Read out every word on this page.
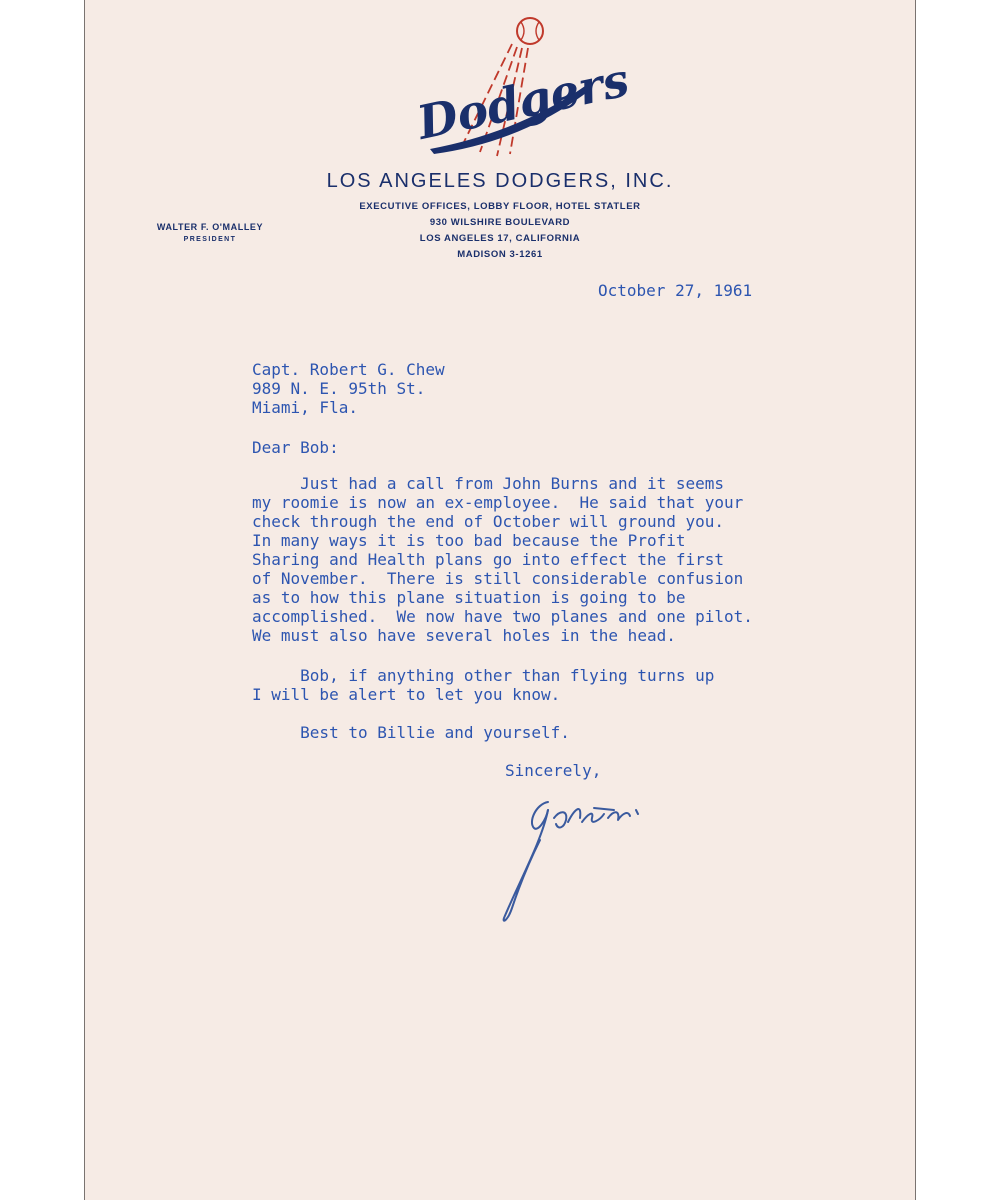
Dodgers
LOS ANGELES DODGERS, INC.
EXECUTIVE OFFICES, LOBBY FLOOR, HOTEL STATLER
930 WILSHIRE BOULEVARD
LOS ANGELES 17, CALIFORNIA
MADISON 3-1261
WALTER F. O'MALLEY
PRESIDENT
October 27, 1961
Capt. Robert G. Chew
989 N. E. 95th St.
Miami, Fla.
Dear Bob:
Just had a call from John Burns and it seems
my roomie is now an ex-employee.  He said that your
check through the end of October will ground you.
In many ways it is too bad because the Profit
Sharing and Health plans go into effect the first
of November.  There is still considerable confusion
as to how this plane situation is going to be
accomplished.  We now have two planes and one pilot.
We must also have several holes in the head.
Bob, if anything other than flying turns up
I will be alert to let you know.
Best to Billie and yourself.
Sincerely,
